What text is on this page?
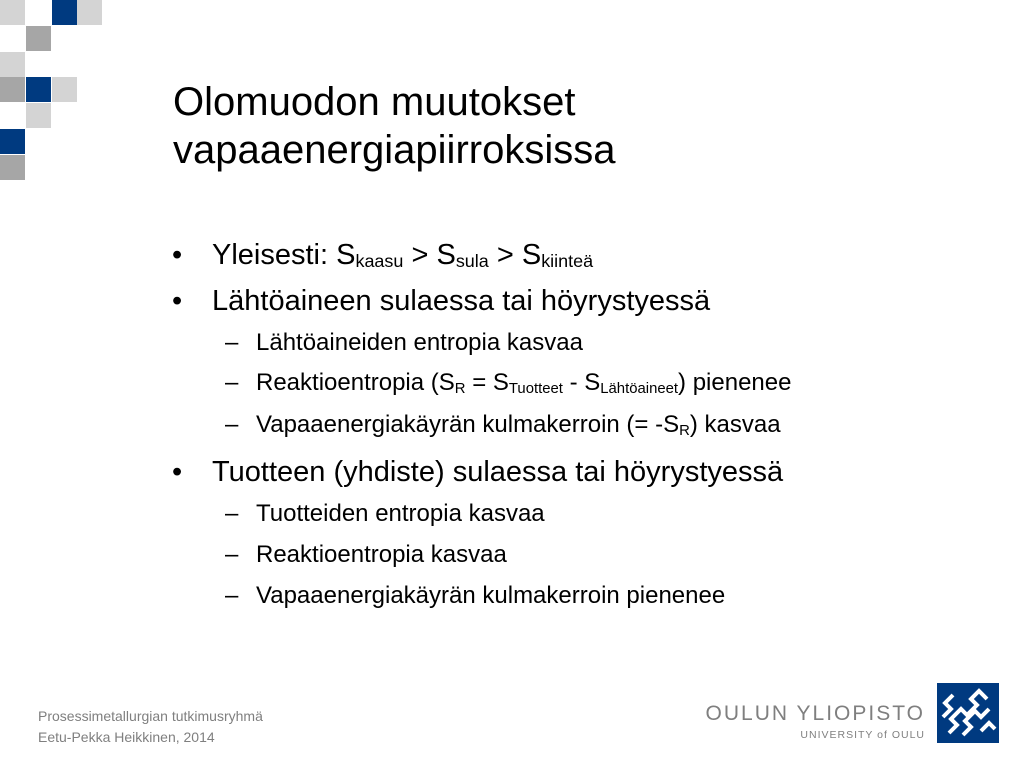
Olomuodon muutokset
vapaaenergiapiirroksissa
• Yleisesti: $S_{kaasu} > S_{sula} > S_{kiinteä}$
• Lähtöaineen sulaessa tai höyrystyessä
– Lähtöaineiden entropia kasvaa
– Reaktioentropia $(S_R = S_{Tuotteet} - S_{Lähtöaineet})$ pienenee
– Vapaaenergiakäyrän kulmakerroin (= $-S_R$) kasvaa
• Tuotteen (yhdiste) sulaessa tai höyrystyessä
– Tuotteiden entropia kasvaa
– Reaktioentropia kasvaa
– Vapaaenergiakäyrän kulmakerroin pienenee
Prosessimetallurgian tutkimusryhmä
Eetu-Pekka Heikkinen, 2014
OULUN YLIOPISTO
UNIVERSITY of OULU
